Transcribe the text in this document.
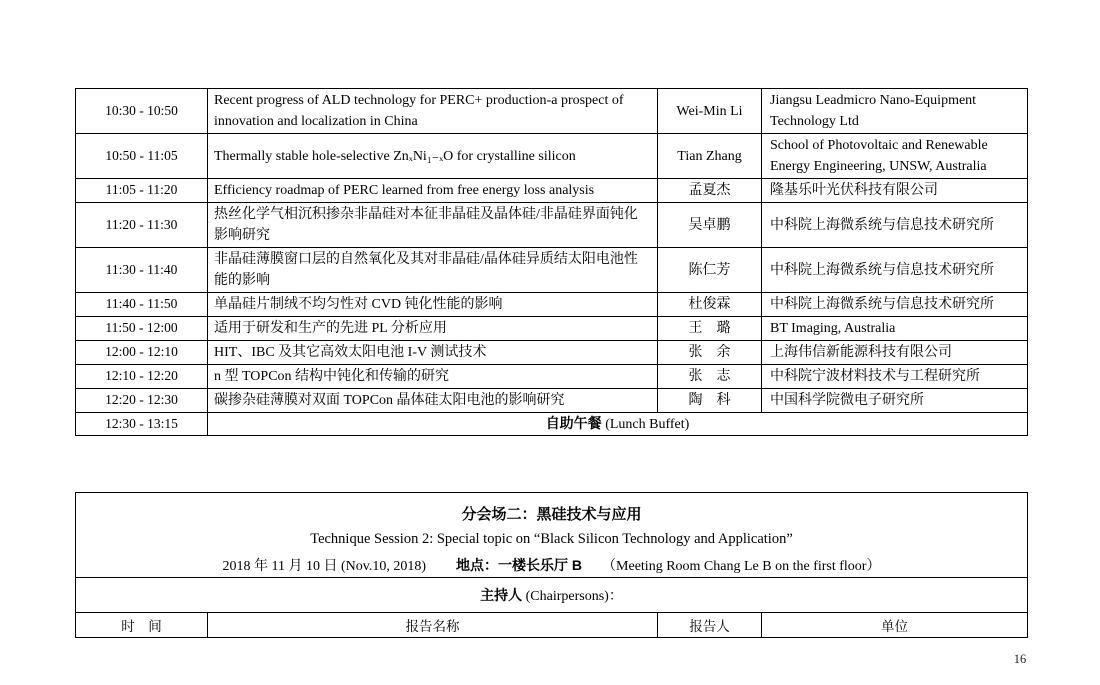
10:30 - 10:50	Recent progress of ALD technology for PERC+ production-a prospect of innovation and localization in China	Wei-Min Li	Jiangsu Leadmicro Nano-Equipment Technology Ltd
10:50 - 11:05	Thermally stable hole-selective ZnₓNi₁₋ₓO for crystalline silicon	Tian Zhang	School of Photovoltaic and Renewable Energy Engineering, UNSW, Australia
11:05 - 11:20	Efficiency roadmap of PERC learned from free energy loss analysis	孟夏杰	隆基乐叶光伏科技有限公司
11:20 - 11:30	热丝化学气相沉积掺杂非晶硅对本征非晶硅及晶体硅/非晶硅界面钝化影响研究	吴卓鹏	中科院上海微系统与信息技术研究所
11:30 - 11:40	非晶硅薄膜窗口层的自然氧化及其对非晶硅/晶体硅异质结太阳电池性能的影响	陈仁芳	中科院上海微系统与信息技术研究所
11:40 - 11:50	单晶硅片制绒不均匀性对 CVD 钝化性能的影响	杜俊霖	中科院上海微系统与信息技术研究所
11:50 - 12:00	适用于研发和生产的先进 PL 分析应用	王　璐	BT Imaging, Australia
12:00 - 12:10	HIT、IBC 及其它高效太阳电池 I-V 测试技术	张　余	上海伟信新能源科技有限公司
12:10 - 12:20	n 型 TOPCon 结构中钝化和传输的研究	张　志	中科院宁波材料技术与工程研究所
12:20 - 12:30	碳掺杂硅薄膜对双面 TOPCon 晶体硅太阳电池的影响研究	陶　科	中国科学院微电子研究所
12:30 - 13:15	自助午餐 (Lunch Buffet)		
分会场二：黑硅技术与应用
Technique Session 2: Special topic on “Black Silicon Technology and Application”
2018 年 11 月 10 日 (Nov.10, 2018) 地点：一楼长乐厅 B （Meeting Room Chang Le B on the first floor）

主持人 (Chairpersons)：
时　间	报告名称	报告人	单位
16
